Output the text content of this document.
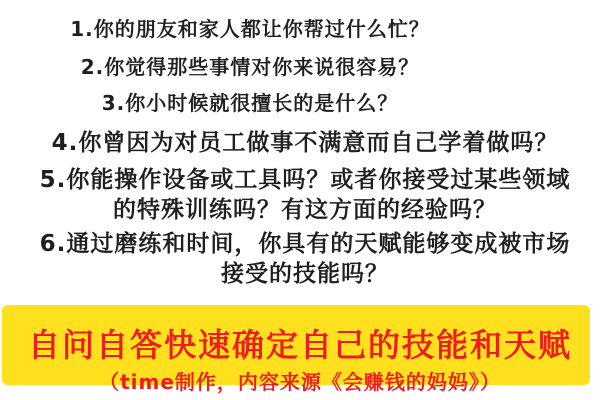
1.你的朋友和家人都让你帮过什么忙？
2.你觉得那些事情对你来说很容易？
3.你小时候就很擅长的是什么？
4.你曾因为对员工做事不满意而自己学着做吗？
5.你能操作设备或工具吗？或者你接受过某些领域
的特殊训练吗？有这方面的经验吗？
6.通过磨练和时间，你具有的天赋能够变成被市场
接受的技能吗？
自问自答快速确定自己的技能和天赋
（time制作，内容来源《会赚钱的妈妈》）
